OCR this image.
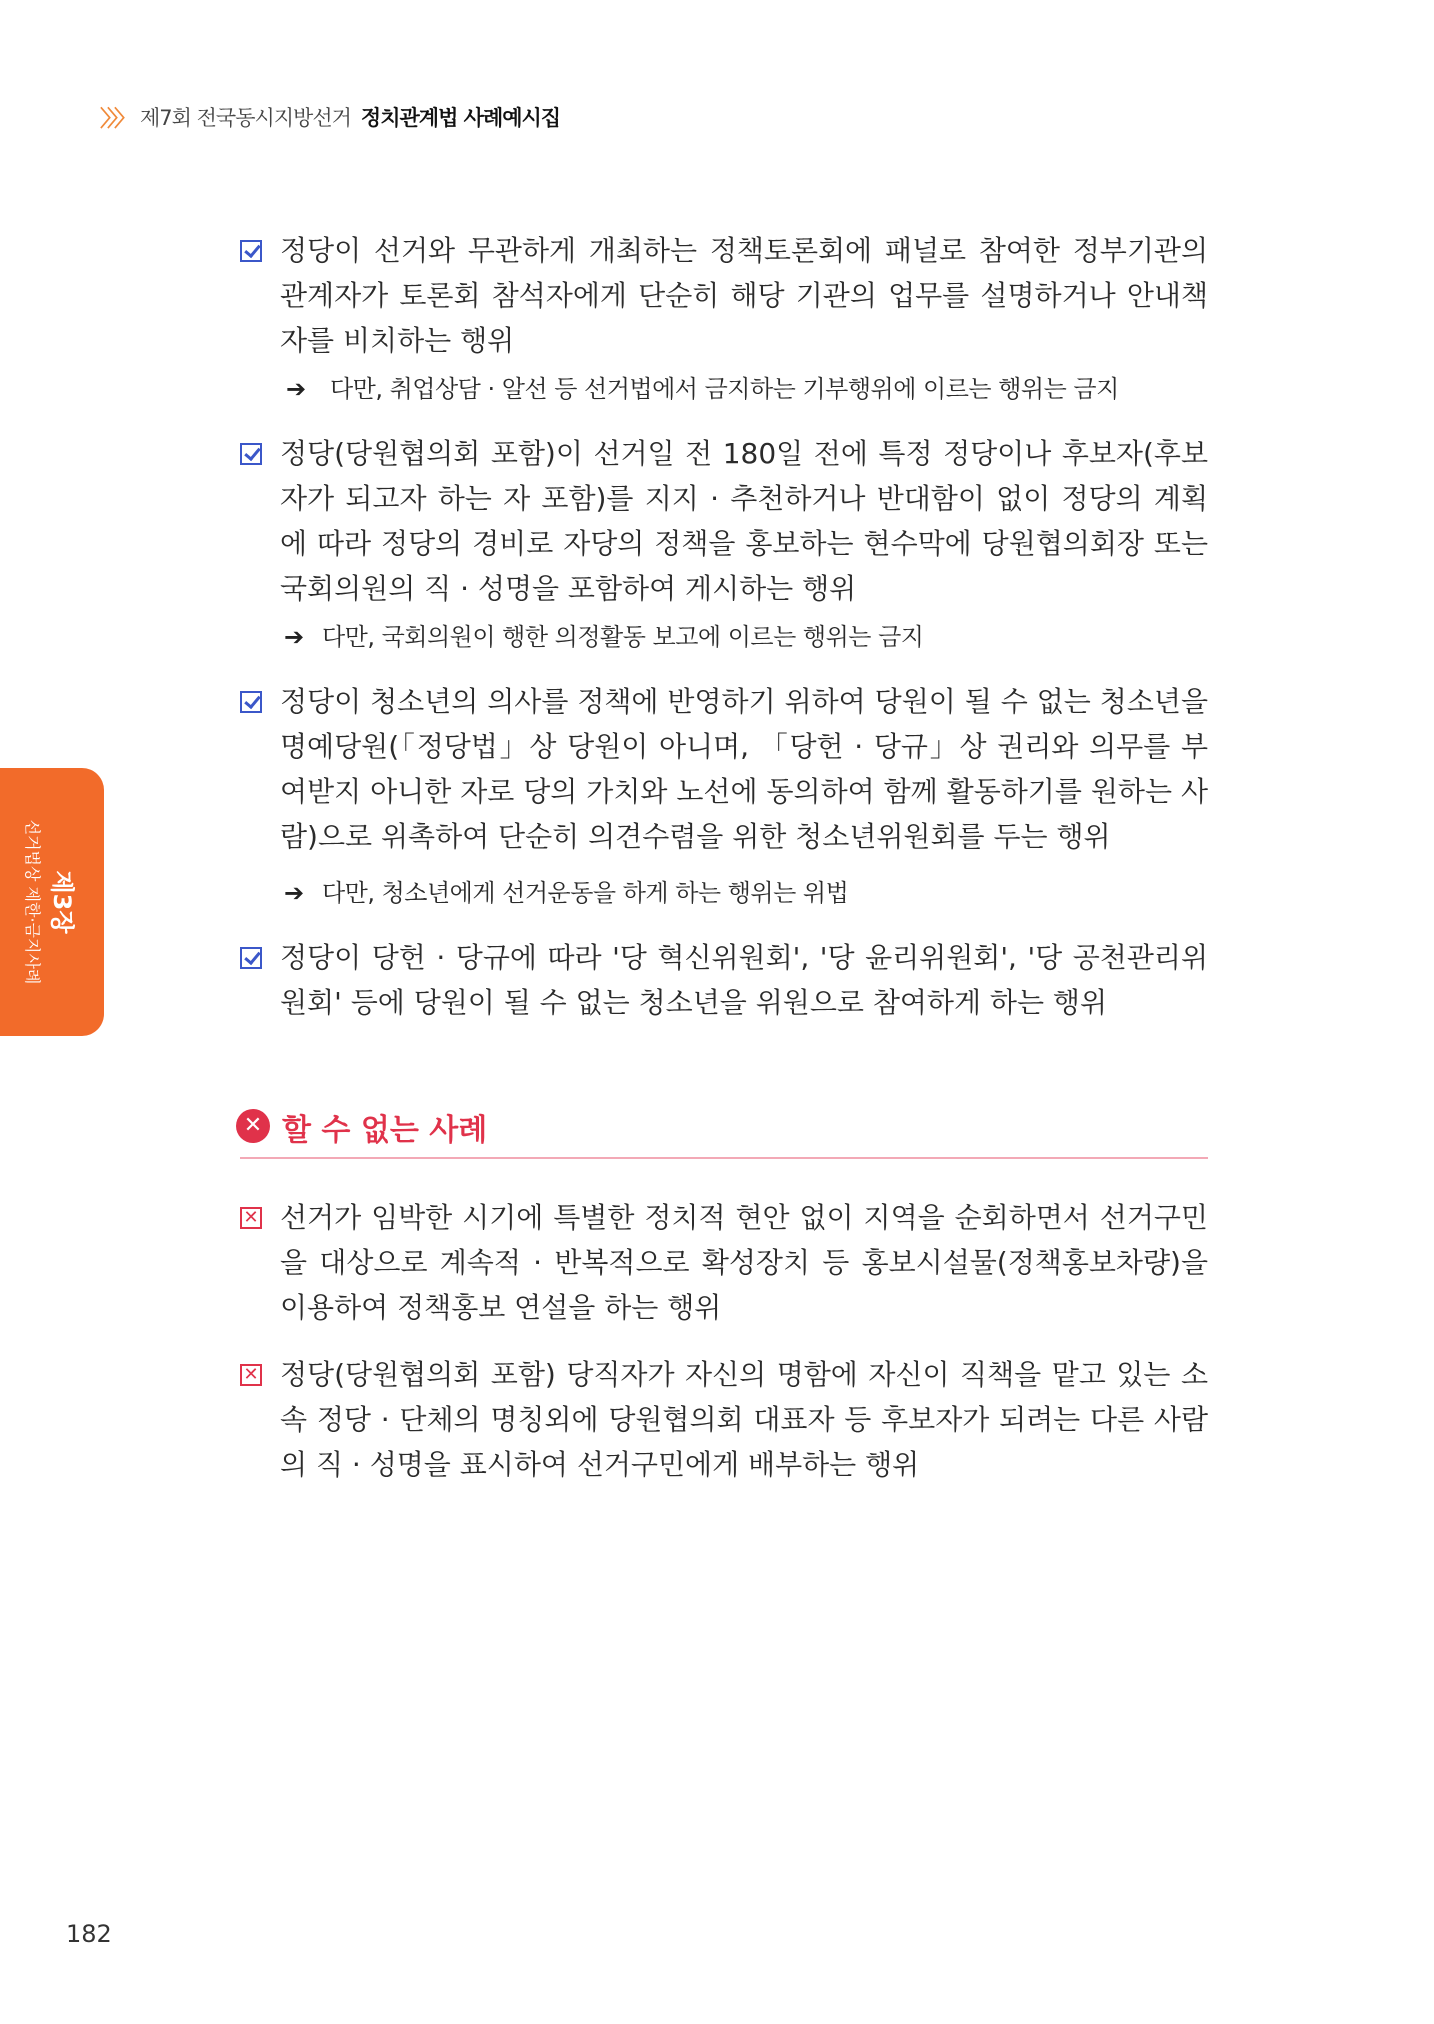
〉〉〉 제7회 전국동시지방선거 정치관계법 사례예시집
제3장
선거법상 제한·금지사례
정당이 선거와 무관하게 개최하는 정책토론회에 패널로 참여한 정부기관의 관계자가 토론회 참석자에게 단순히 해당 기관의 업무를 설명하거나 안내책자를 비치하는 행위
➔ 다만, 취업상담 · 알선 등 선거법에서 금지하는 기부행위에 이르는 행위는 금지
정당(당원협의회 포함)이 선거일 전 180일 전에 특정 정당이나 후보자(후보자가 되고자 하는 자 포함)를 지지 · 추천하거나 반대함이 없이 정당의 계획에 따라 정당의 경비로 자당의 정책을 홍보하는 현수막에 당원협의회장 또는 국회의원의 직 · 성명을 포함하여 게시하는 행위
➔ 다만, 국회의원이 행한 의정활동 보고에 이르는 행위는 금지
정당이 청소년의 의사를 정책에 반영하기 위하여 당원이 될 수 없는 청소년을 명예당원(「정당법」상 당원이 아니며, 「당헌 · 당규」상 권리와 의무를 부여받지 아니한 자로 당의 가치와 노선에 동의하여 함께 활동하기를 원하는 사람)으로 위촉하여 단순히 의견수렴을 위한 청소년위원회를 두는 행위
➔ 다만, 청소년에게 선거운동을 하게 하는 행위는 위법
정당이 당헌 · 당규에 따라 '당 혁신위원회', '당 윤리위원회', '당 공천관리위원회' 등에 당원이 될 수 없는 청소년을 위원으로 참여하게 하는 행위
✕ 할 수 없는 사례
✕ 선거가 임박한 시기에 특별한 정치적 현안 없이 지역을 순회하면서 선거구민을 대상으로 계속적 · 반복적으로 확성장치 등 홍보시설물(정책홍보차량)을 이용하여 정책홍보 연설을 하는 행위
✕ 정당(당원협의회 포함) 당직자가 자신의 명함에 자신이 직책을 맡고 있는 소속 정당 · 단체의 명칭외에 당원협의회 대표자 등 후보자가 되려는 다른 사람의 직 · 성명을 표시하여 선거구민에게 배부하는 행위
182
